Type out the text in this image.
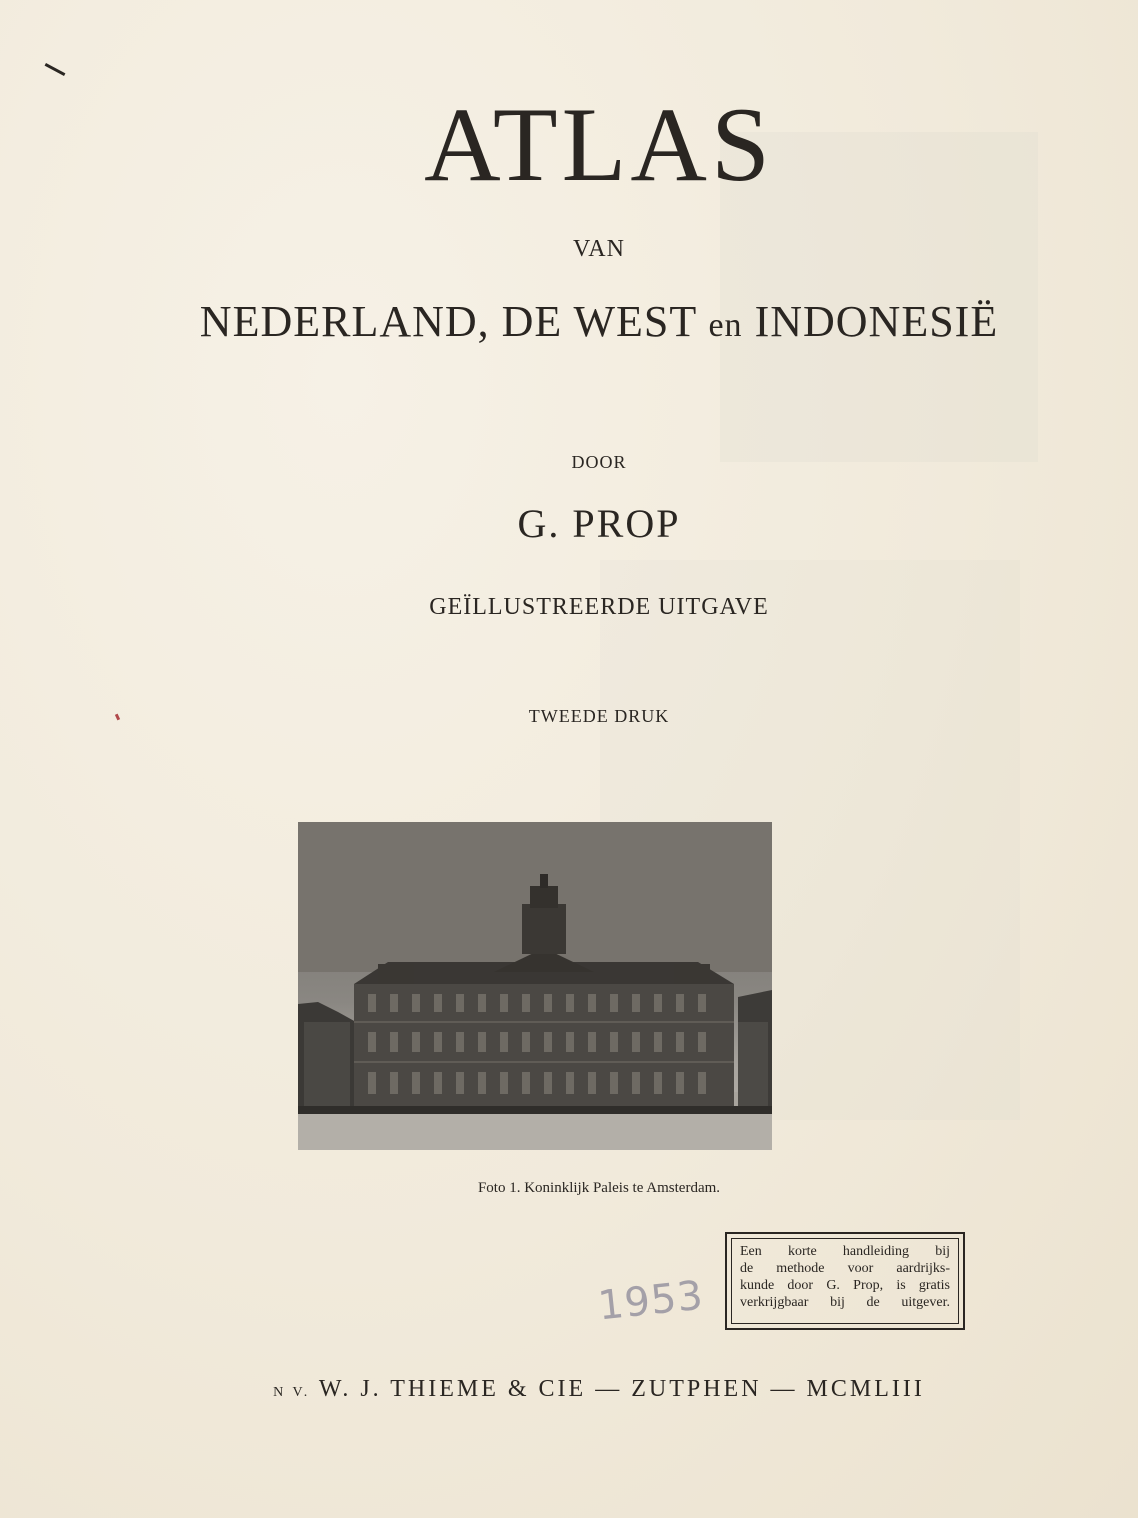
ATLAS
VAN
NEDERLAND, DE WEST en INDONESIË
DOOR
G. PROP
GEÏLLUSTREERDE UITGAVE
TWEEDE DRUK
Foto 1. Koninklijk Paleis te Amsterdam.
1953
Een korte handleiding bij
de methode voor aardrijks-
kunde door G. Prop, is gratis
verkrijgbaar bij de uitgever.
N V. W. J. THIEME & CIE — ZUTPHEN — MCMLIII
